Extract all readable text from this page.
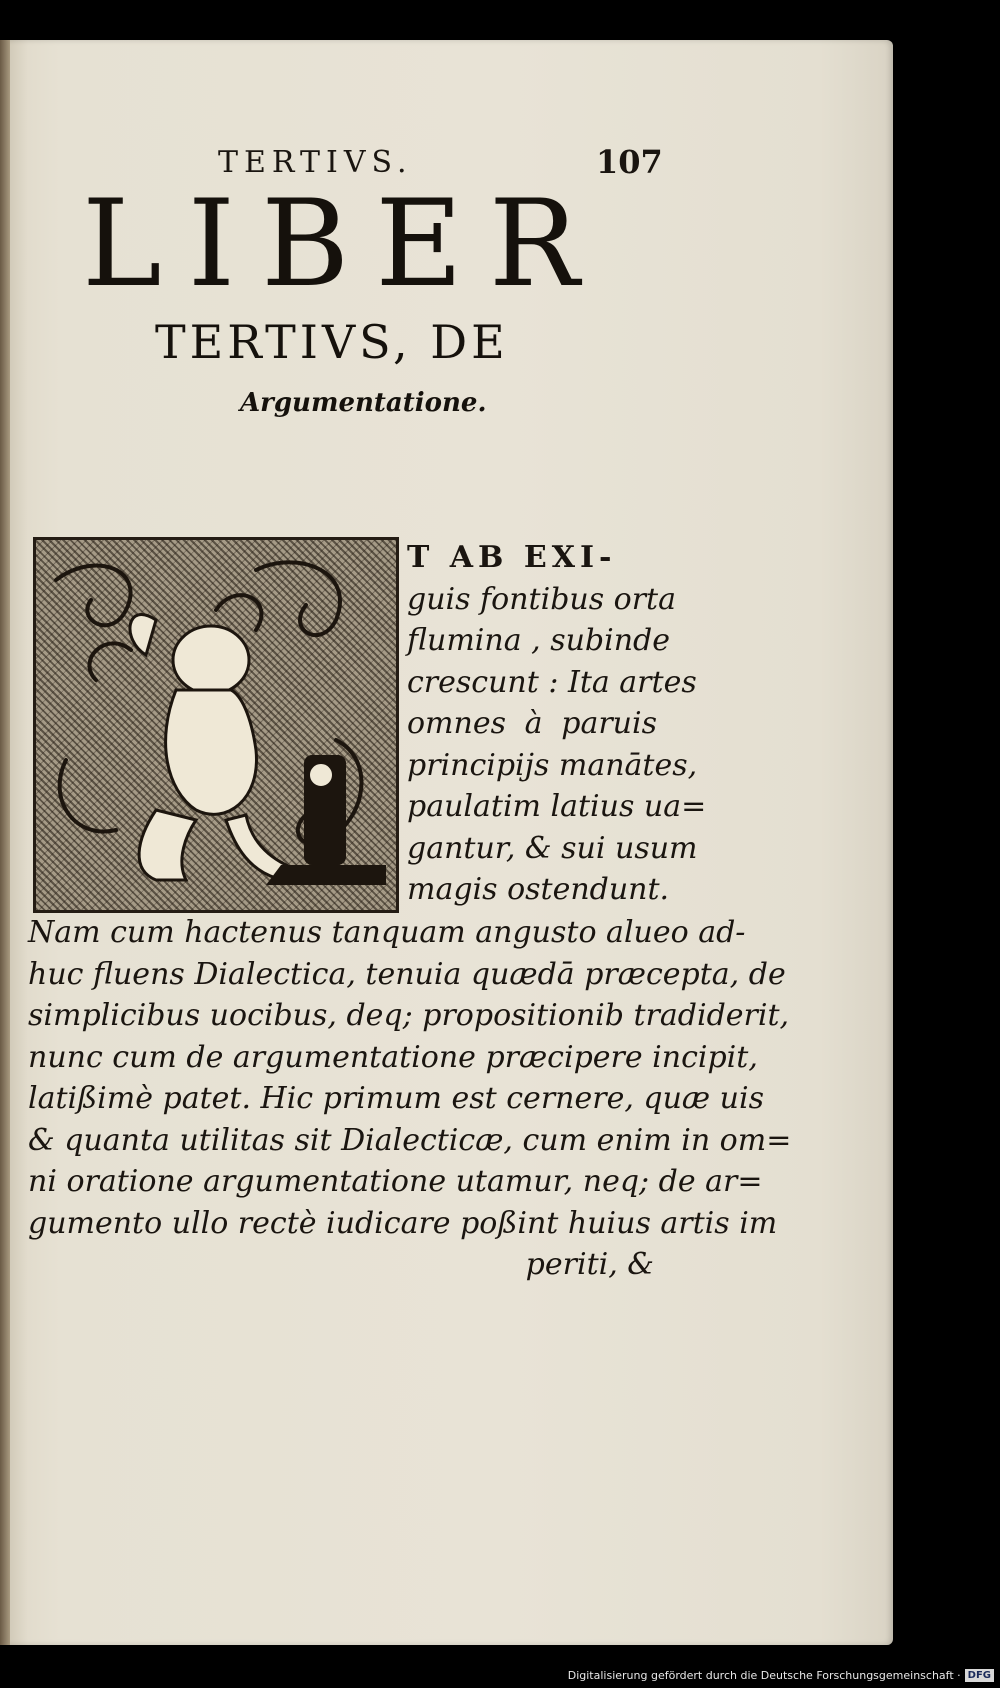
TERTIVS.	107
LIBER
TERTIVS, DE
Argumentatione.
T AB EXI-
guis fontibus orta
flumina , subinde
crescunt : Ita artes
omnes à paruis
principijs manātes,
paulatim latius ua=
gantur, & sui usum
magis ostendunt.
Nam cum hactenus tanquam angusto alueo ad-
huc fluens Dialectica, tenuia quædā præcepta, de
simplicibus uocibus, deq; propositionib tradiderit,
nunc cum de argumentatione præcipere incipit,
latißimè patet. Hic primum est cernere, quæ uis
& quanta utilitas sit Dialecticæ, cum enim in om=
ni oratione argumentatione utamur, neq; de ar=
gumento ullo rectè iudicare poßint huius artis im
periti, &
Digitalisierung gefördert durch die Deutsche Forschungsgemeinschaft · DFG
